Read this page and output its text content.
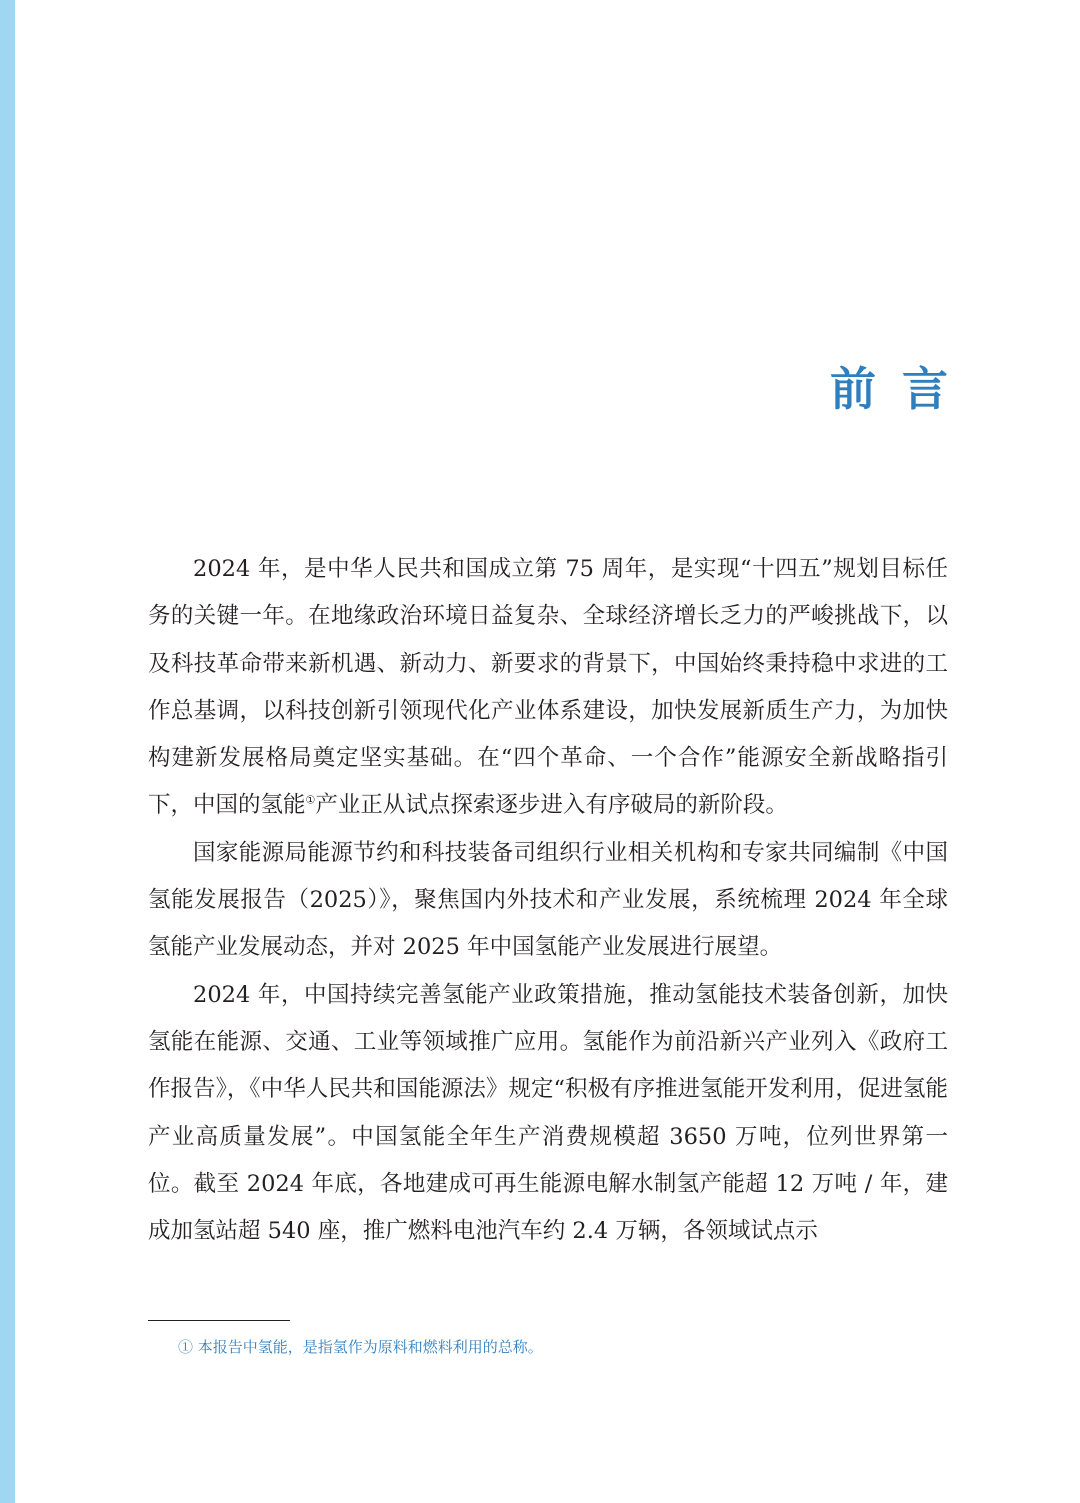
前言

2024 年，是中华人民共和国成立第 75 周年，是实现“十四五”规划目标任务的关键一年。在地缘政治环境日益复杂、全球经济增长乏力的严峻挑战下，以及科技革命带来新机遇、新动力、新要求的背景下，中国始终秉持稳中求进的工作总基调，以科技创新引领现代化产业体系建设，加快发展新质生产力，为加快构建新发展格局奠定坚实基础。在“四个革命、一个合作”能源安全新战略指引下，中国的氢能①产业正从试点探索逐步进入有序破局的新阶段。

国家能源局能源节约和科技装备司组织行业相关机构和专家共同编制《中国氢能发展报告（2025）》，聚焦国内外技术和产业发展，系统梳理 2024 年全球氢能产业发展动态，并对 2025 年中国氢能产业发展进行展望。

2024 年，中国持续完善氢能产业政策措施，推动氢能技术装备创新，加快氢能在能源、交通、工业等领域推广应用。氢能作为前沿新兴产业列入《政府工作报告》，《中华人民共和国能源法》规定“积极有序推进氢能开发利用，促进氢能产业高质量发展”。中国氢能全年生产消费规模超 3650 万吨，位列世界第一位。截至 2024 年底，各地建成可再生能源电解水制氢产能超 12 万吨 / 年，建成加氢站超 540 座，推广燃料电池汽车约 2.4 万辆，各领域试点示

① 本报告中氢能，是指氢作为原料和燃料利用的总称。
